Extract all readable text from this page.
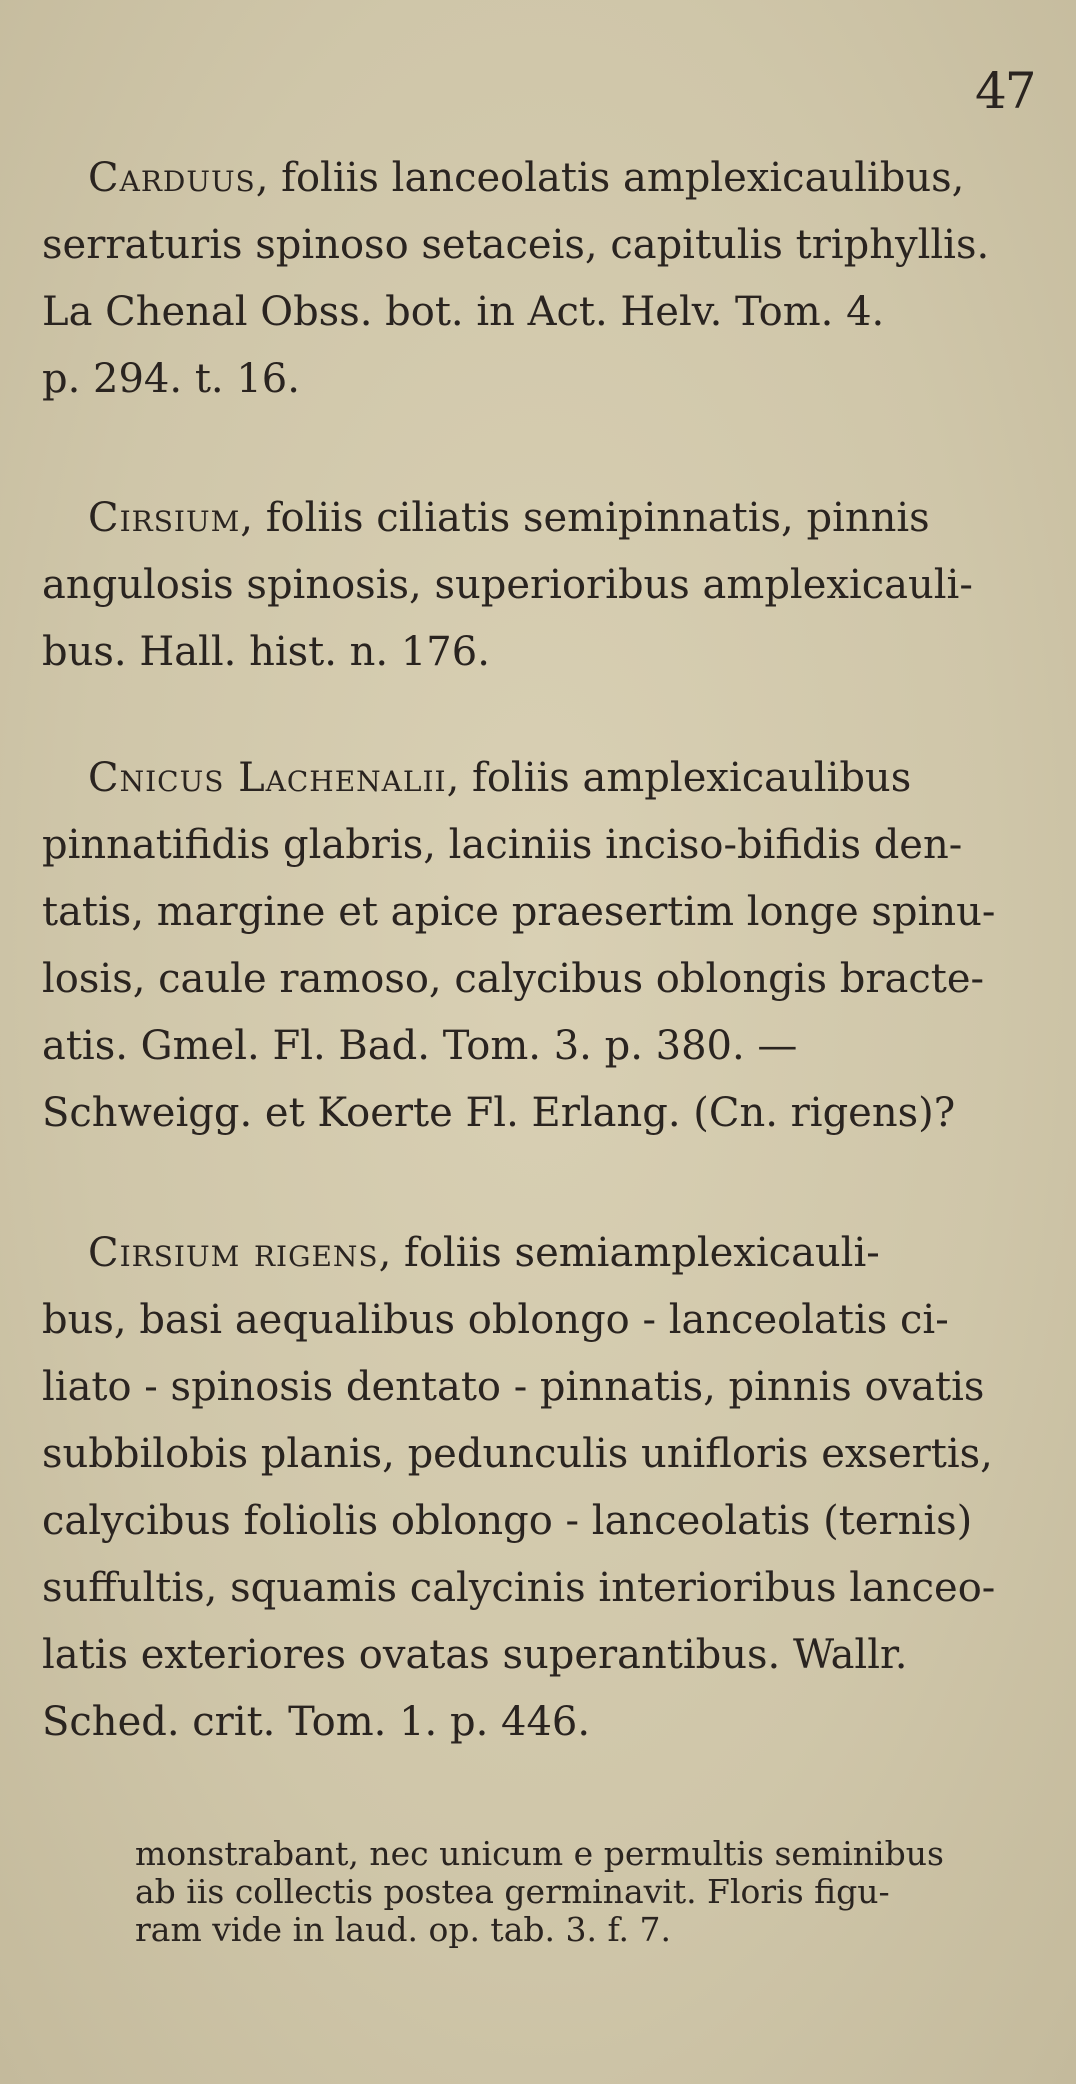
47
Carduus, foliis lanceolatis amplexicaulibus,
serraturis spinoso setaceis, capitulis triphyllis.
La Chenal Obss. bot. in Act. Helv. Tom. 4.
p. 294. t. 16.
Cirsium, foliis ciliatis semipinnatis, pinnis
angulosis spinosis, superioribus amplexicauli-
bus. Hall. hist. n. 176.
Cnicus Lachenalii, foliis amplexicaulibus
pinnatifidis glabris, laciniis inciso-bifidis den-
tatis, margine et apice praesertim longe spinu-
losis, caule ramoso, calycibus oblongis bracte-
atis. Gmel. Fl. Bad. Tom. 3. p. 380. —
Schweigg. et Koerte Fl. Erlang. (Cn. rigens)?
Cirsium rigens, foliis semiamplexicauli-
bus, basi aequalibus oblongo - lanceolatis ci-
liato - spinosis dentato - pinnatis, pinnis ovatis
subbilobis planis, pedunculis unifloris exsertis,
calycibus foliolis oblongo - lanceolatis (ternis)
suffultis, squamis calycinis interioribus lanceo-
latis exteriores ovatas superantibus. Wallr.
Sched. crit. Tom. 1. p. 446.
monstrabant, nec unicum e permultis seminibus
ab iis collectis postea germinavit. Floris figu-
ram vide in laud. op. tab. 3. f. 7.
